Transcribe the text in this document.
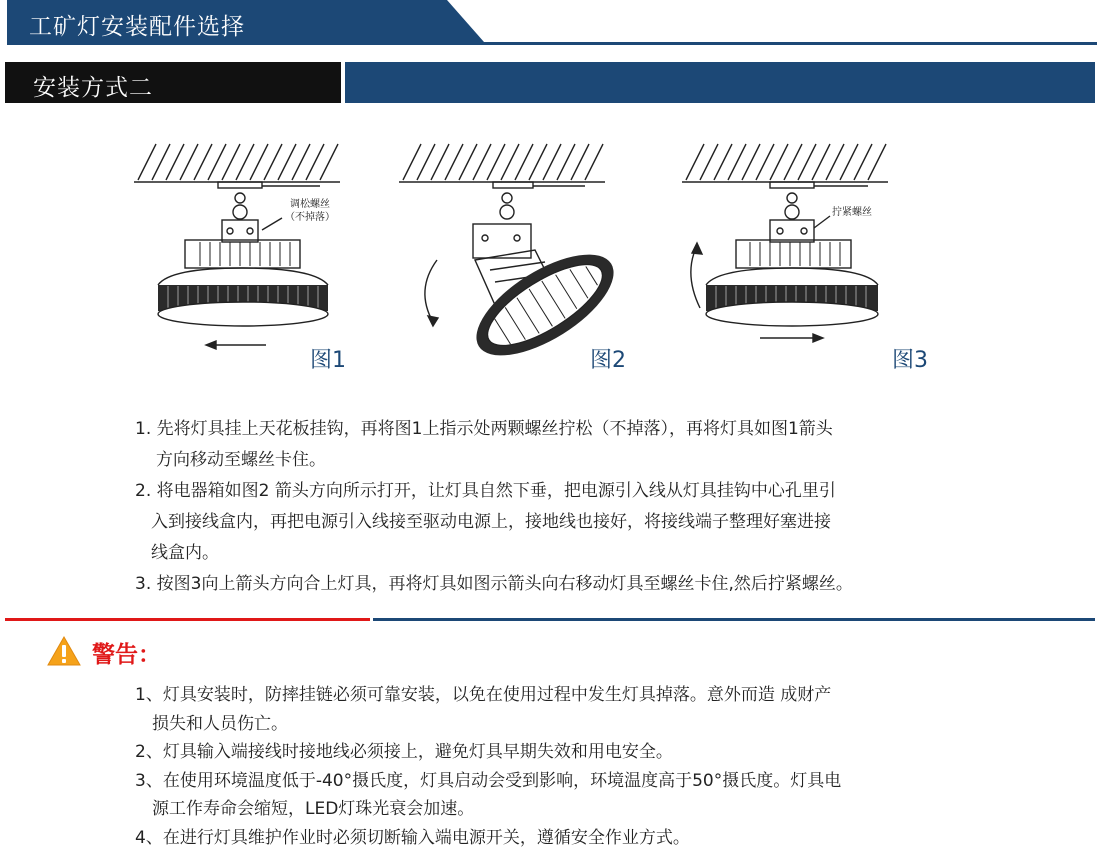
工矿灯安装配件选择
安装方式二
调松螺丝
（不掉落）
图1	图2
拧紧螺丝
图3
1. 先将灯具挂上天花板挂钩，再将图1上指示处两颗螺丝拧松（不掉落），再将灯具如图1箭头
方向移动至螺丝卡住。
2. 将电器箱如图2 箭头方向所示打开，让灯具自然下垂，把电源引入线从灯具挂钩中心孔里引
入到接线盒内，再把电源引入线接至驱动电源上，接地线也接好，将接线端子整理好塞进接
线盒内。
3. 按图3向上箭头方向合上灯具，再将灯具如图示箭头向右移动灯具至螺丝卡住,然后拧紧螺丝。
警告：
1、灯具安装时，防摔挂链必须可靠安装，以免在使用过程中发生灯具掉落。意外而造 成财产
损失和人员伤亡。
2、灯具输入端接线时接地线必须接上，避免灯具早期失效和用电安全。
3、在使用环境温度低于-40°摄氏度，灯具启动会受到影响，环境温度高于50°摄氏度。灯具电
源工作寿命会缩短，LED灯珠光衰会加速。
4、在进行灯具维护作业时必须切断输入端电源开关，遵循安全作业方式。
